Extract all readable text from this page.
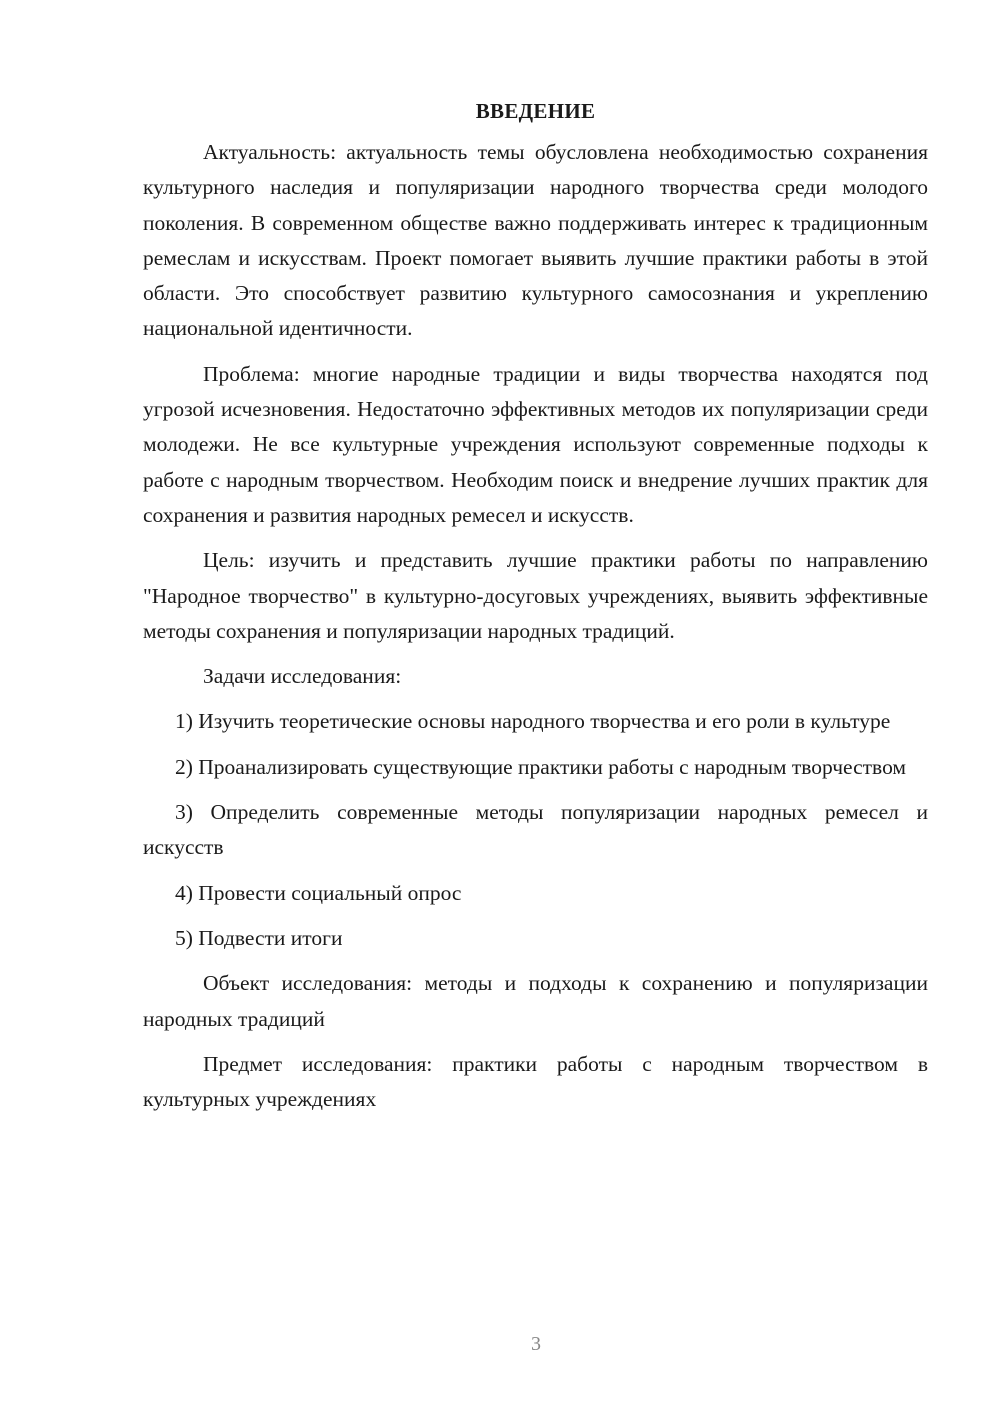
ВВЕДЕНИЕ

Актуальность: актуальность темы обусловлена необходимостью сохранения культурного наследия и популяризации народного творчества среди молодого поколения. В современном обществе важно поддерживать интерес к традиционным ремеслам и искусствам. Проект помогает выявить лучшие практики работы в этой области. Это способствует развитию культурного самосознания и укреплению национальной идентичности.

Проблема: многие народные традиции и виды творчества находятся под угрозой исчезновения. Недостаточно эффективных методов их популяризации среди молодежи. Не все культурные учреждения используют современные подходы к работе с народным творчеством. Необходим поиск и внедрение лучших практик для сохранения и развития народных ремесел и искусств.

Цель: изучить и представить лучшие практики работы по направлению "Народное творчество" в культурно-досуговых учреждениях, выявить эффективные методы сохранения и популяризации народных традиций.

Задачи исследования:

1) Изучить теоретические основы народного творчества и его роли в культуре

2) Проанализировать существующие практики работы с народным творчеством

3) Определить современные методы популяризации народных ремесел и искусств

4) Провести социальный опрос

5) Подвести итоги

Объект исследования: методы и подходы к сохранению и популяризации народных традиций

Предмет исследования: практики работы с народным творчеством в культурных учреждениях

3
